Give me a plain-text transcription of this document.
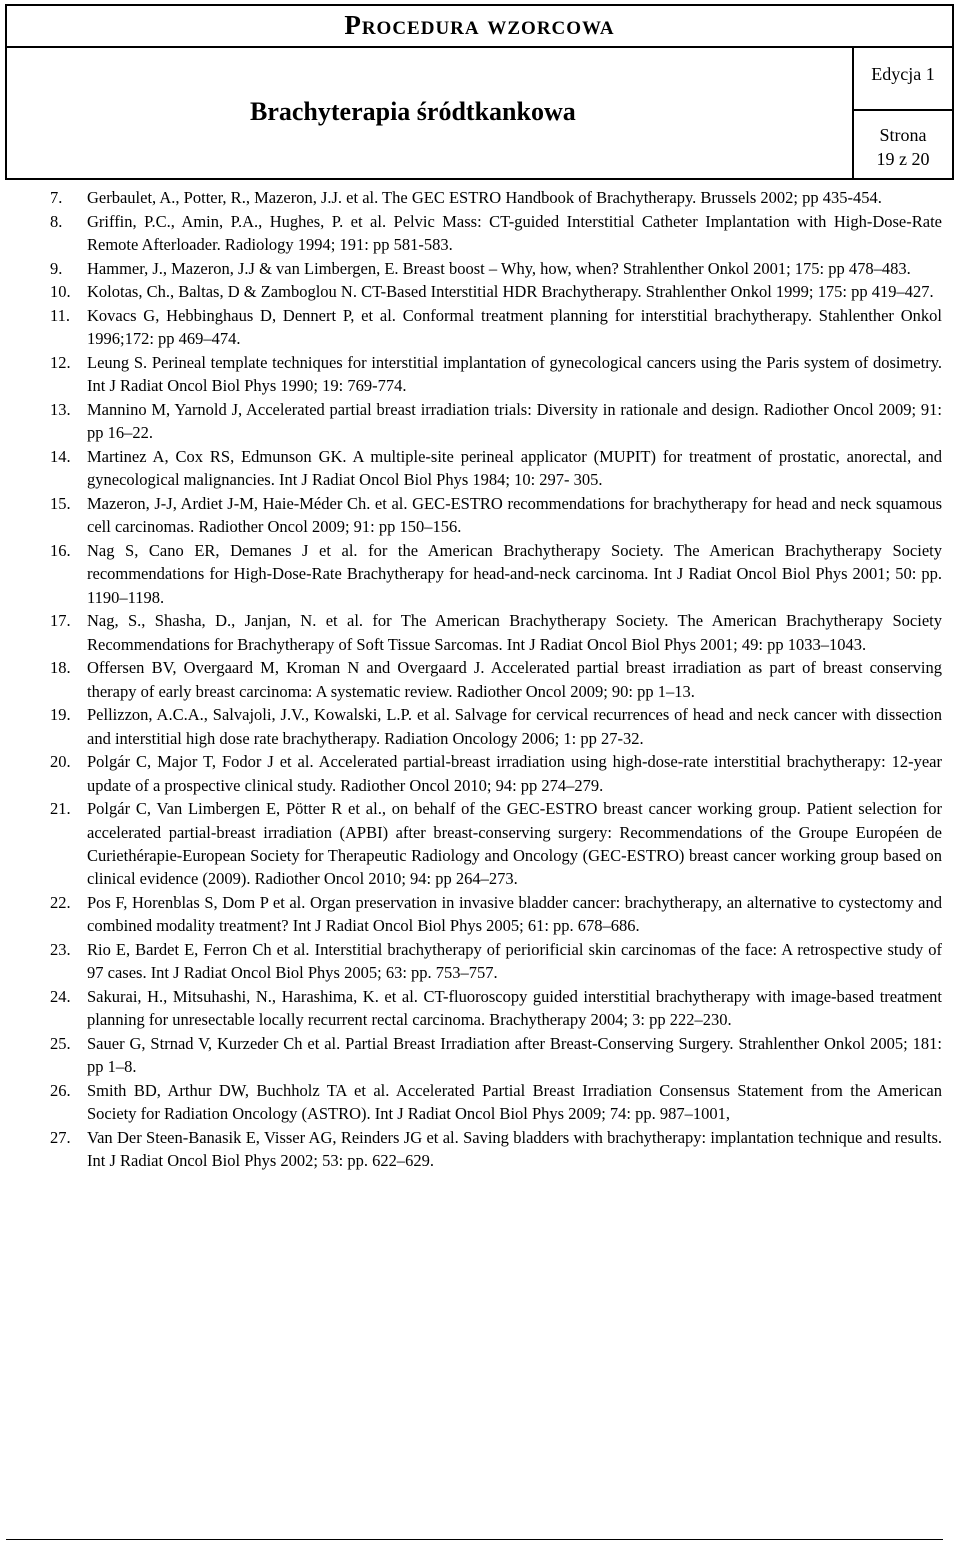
Procedura wzorcowa
Brachyterapia śródtkankowa
Edycja 1
Strona
19 z 20
7. Gerbaulet, A., Potter, R., Mazeron, J.J. et al. The GEC ESTRO Handbook of Brachytherapy. Brussels 2002; pp 435-454.
8. Griffin, P.C., Amin, P.A., Hughes, P. et al. Pelvic Mass: CT-guided Interstitial Catheter Implantation with High-Dose-Rate Remote Afterloader. Radiology 1994; 191: pp 581-583.
9. Hammer, J., Mazeron, J.J & van Limbergen, E. Breast boost – Why, how, when? Strahlenther Onkol 2001; 175: pp 478–483.
10. Kolotas, Ch., Baltas, D & Zamboglou N. CT-Based Interstitial HDR Brachytherapy. Strahlenther Onkol 1999; 175: pp 419–427.
11. Kovacs G, Hebbinghaus D, Dennert P, et al. Conformal treatment planning for interstitial brachytherapy. Stahlenther Onkol 1996;172: pp 469–474.
12. Leung S. Perineal template techniques for interstitial implantation of gynecological cancers using the Paris system of dosimetry. Int J Radiat Oncol Biol Phys 1990; 19: 769-774.
13. Mannino M, Yarnold J, Accelerated partial breast irradiation trials: Diversity in rationale and design. Radiother Oncol 2009; 91: pp 16–22.
14. Martinez A, Cox RS, Edmunson GK. A multiple-site perineal applicator (MUPIT) for treatment of prostatic, anorectal, and gynecological malignancies. Int J Radiat Oncol Biol Phys 1984; 10: 297- 305.
15. Mazeron, J-J, Ardiet J-M, Haie-Méder Ch. et al. GEC-ESTRO recommendations for brachytherapy for head and neck squamous cell carcinomas. Radiother Oncol 2009; 91: pp 150–156.
16. Nag S, Cano ER, Demanes J et al. for the American Brachytherapy Society. The American Brachytherapy Society recommendations for High-Dose-Rate Brachytherapy for head-and-neck carcinoma. Int J Radiat Oncol Biol Phys 2001; 50: pp. 1190–1198.
17. Nag, S., Shasha, D., Janjan, N. et al. for The American Brachytherapy Society. The American Brachytherapy Society Recommendations for Brachytherapy of Soft Tissue Sarcomas. Int J Radiat Oncol Biol Phys 2001; 49: pp 1033–1043.
18. Offersen BV, Overgaard M, Kroman N and Overgaard J. Accelerated partial breast irradiation as part of breast conserving therapy of early breast carcinoma: A systematic review. Radiother Oncol 2009; 90: pp 1–13.
19. Pellizzon, A.C.A., Salvajoli, J.V., Kowalski, L.P. et al. Salvage for cervical recurrences of head and neck cancer with dissection and interstitial high dose rate brachytherapy. Radiation Oncology 2006; 1: pp 27-32.
20. Polgár C, Major T, Fodor J et al. Accelerated partial-breast irradiation using high-dose-rate interstitial brachytherapy: 12-year update of a prospective clinical study. Radiother Oncol 2010; 94: pp 274–279.
21. Polgár C, Van Limbergen E, Pötter R et al., on behalf of the GEC-ESTRO breast cancer working group. Patient selection for accelerated partial-breast irradiation (APBI) after breast-conserving surgery: Recommendations of the Groupe Européen de Curiethérapie-European Society for Therapeutic Radiology and Oncology (GEC-ESTRO) breast cancer working group based on clinical evidence (2009). Radiother Oncol 2010; 94: pp 264–273.
22. Pos F, Horenblas S, Dom P et al. Organ preservation in invasive bladder cancer: brachytherapy, an alternative to cystectomy and combined modality treatment? Int J Radiat Oncol Biol Phys 2005; 61: pp. 678–686.
23. Rio E, Bardet E, Ferron Ch et al. Interstitial brachytherapy of periorificial skin carcinomas of the face: A retrospective study of 97 cases. Int J Radiat Oncol Biol Phys 2005; 63: pp. 753–757.
24. Sakurai, H., Mitsuhashi, N., Harashima, K. et al. CT-fluoroscopy guided interstitial brachytherapy with image-based treatment planning for unresectable locally recurrent rectal carcinoma. Brachytherapy 2004; 3: pp 222–230.
25. Sauer G, Strnad V, Kurzeder Ch et al. Partial Breast Irradiation after Breast-Conserving Surgery. Strahlenther Onkol 2005; 181: pp 1–8.
26. Smith BD, Arthur DW, Buchholz TA et al. Accelerated Partial Breast Irradiation Consensus Statement from the American Society for Radiation Oncology (ASTRO). Int J Radiat Oncol Biol Phys 2009; 74: pp. 987–1001,
27. Van Der Steen-Banasik E, Visser AG, Reinders JG et al. Saving bladders with brachytherapy: implantation technique and results. Int J Radiat Oncol Biol Phys 2002; 53: pp. 622–629.
